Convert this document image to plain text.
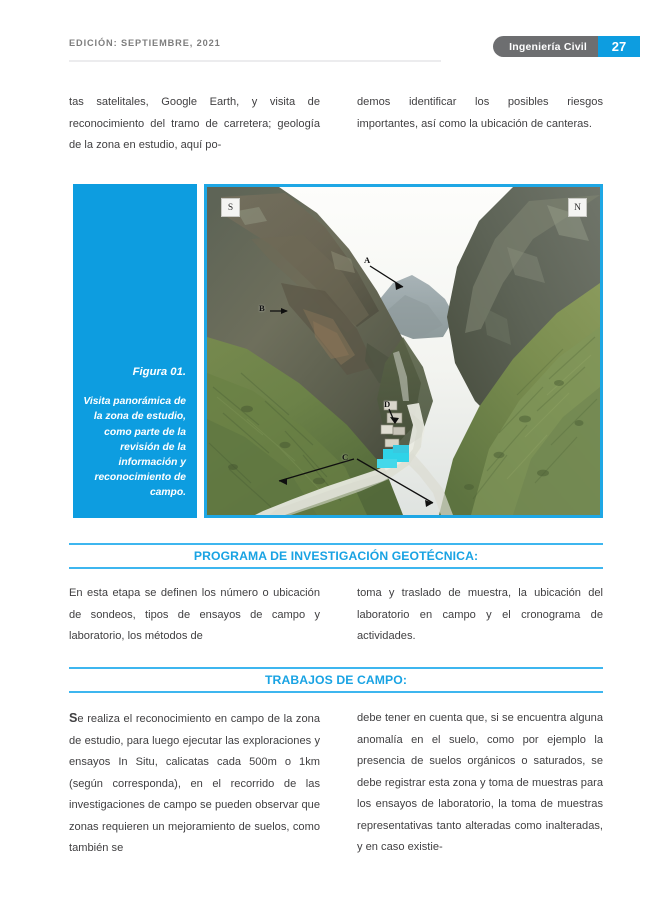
EDICIÓN: SEPTIEMBRE, 2021	Ingeniería Civil 27

tas satelitales, Google Earth, y visita de reconocimiento del tramo de carretera; geología de la zona en estudio, aquí po-

demos identificar los posibles riesgos importantes, así como la ubicación de canteras.

Figura 01.

Visita panorámica de la zona de estudio, como parte de la revisión de la información y reconocimiento de campo.

S	N
A
B
C
D
PROGRAMA DE INVESTIGACIÓN GEOTÉCNICA:

En esta etapa se definen los número o ubicación de sondeos, tipos de ensayos de campo y laboratorio, los métodos de

toma y traslado de muestra, la ubicación del laboratorio en campo y el cronograma de actividades.

TRABAJOS DE CAMPO:

Se realiza el reconocimiento en campo de la zona de estudio, para luego ejecutar las exploraciones y ensayos In Situ, calicatas cada 500m o 1km (según corresponda), en el recorrido de las investigaciones de campo se pueden observar que zonas requieren un mejoramiento de suelos, como también se

debe tener en cuenta que, si se encuentra alguna anomalía en el suelo, como por ejemplo la presencia de suelos orgánicos o saturados, se debe registrar esta zona y toma de muestras para los ensayos de laboratorio, la toma de muestras representativas tanto alteradas como inalteradas, y en caso existie-
